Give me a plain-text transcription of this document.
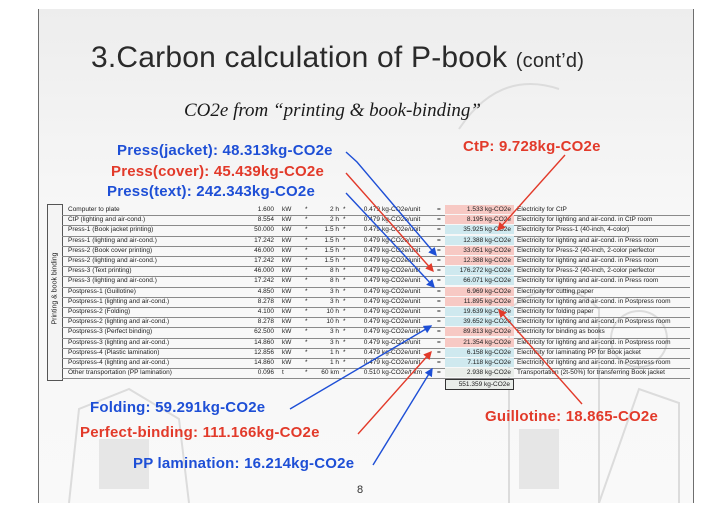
3.Carbon calculation of P-book (cont’d)
CO2e from “printing & book-binding”
Printing & book binding
Computer to plate	1.600 kW	*	2 h *	0.479 kg-CO2e/unit	=	1.533 kg-CO2e Electricity for CtP
CtP (lighting and air-cond.)	8.554 kW	*	2 h *	0.479 kg-CO2e/unit	=	8.195 kg-CO2e Electricity for lighting and air-cond. in CtP room
Press-1 (Book jacket printing)	50.000 kW	*	1.5 h *	0.479 kg-CO2e/unit	=	35.925 kg-CO2e Electricity for Press-1 (40-inch, 4-color)
Press-1 (lighting and air-cond.)	17.242 kW	*	1.5 h *	0.479 kg-CO2e/unit	=	12.388 kg-CO2e Electricity for lighting and air-cond. in Press room
Press-2 (Book cover printing)	46.000 kW	*	1.5 h *	0.479 kg-CO2e/unit	=	33.051 kg-CO2e Electricity for Press-2 (40-inch, 2-color perfector
Press-2 (lighting and air-cond.)	17.242 kW	*	1.5 h *	0.479 kg-CO2e/unit	=	12.388 kg-CO2e Electricity for lighting and air-cond. in Press room
Press-3 (Text printing)	46.000 kW	*	8 h *	0.479 kg-CO2e/unit	=	176.272 kg-CO2e Electricity for Press-2 (40-inch, 2-color perfector
Press-3 (lighting and air-cond.)	17.242 kW	*	8 h *	0.479 kg-CO2e/unit	=	66.071 kg-CO2e Electricity for lighting and air-cond. in Press room
Postpress-1 (Guillotine)	4.850 kW	*	3 h *	0.479 kg-CO2e/unit	=	6.969 kg-CO2e Electricity for cutting paper
Postpress-1 (lighting and air-cond.)	8.278 kW	*	3 h *	0.479 kg-CO2e/unit	=	11.895 kg-CO2e Electricity for lighting and air-cond. in Postpress room
Postpress-2 (Folding)	4.100 kW	*	10 h *	0.479 kg-CO2e/unit	=	19.639 kg-CO2e Electricity for folding paper
Postpress-2 (lighting and air-cond.)	8.278 kW	*	10 h *	0.479 kg-CO2e/unit	=	39.652 kg-CO2e Electricity for lighting and air-cond. in Postpress room
Postpress-3 (Perfect binding)	62.500 kW	*	3 h *	0.479 kg-CO2e/unit	=	89.813 kg-CO2e Electricity for binding as books
Postpress-3 (lighting and air-cond.)	14.860 kW	*	3 h *	0.479 kg-CO2e/unit	=	21.354 kg-CO2e Electricity for lighting and air-cond. in Postpress room
Postpress-4 (Plastic lamination)	12.856 kW	*	1 h *	0.479 kg-CO2e/unit	=	6.158 kg-CO2e Electricity for laminating PP for Book jacket
Postpress-4 (lighting and air-cond.)	14.860 kW	*	1 h *	0.479 kg-CO2e/unit	=	7.118 kg-CO2e Electricity for lighting and air-cond. in Postpress room
Other transportation (PP lamination)	0.096 t	*	60 km *	0.510 kg-CO2e/t km	=	2.938 kg-CO2e Transportation (2t-50%) for transferring Book jacket
551.359 kg-CO2e
8
Press(jacket): 48.313kg-CO2e
Press(cover): 45.439kg-CO2e
Press(text): 242.343kg-CO2e
CtP: 9.728kg-CO2e
Folding: 59.291kg-CO2e
Perfect-binding: 111.166kg-CO2e
PP lamination: 16.214kg-CO2e
Guillotine: 18.865-CO2e
